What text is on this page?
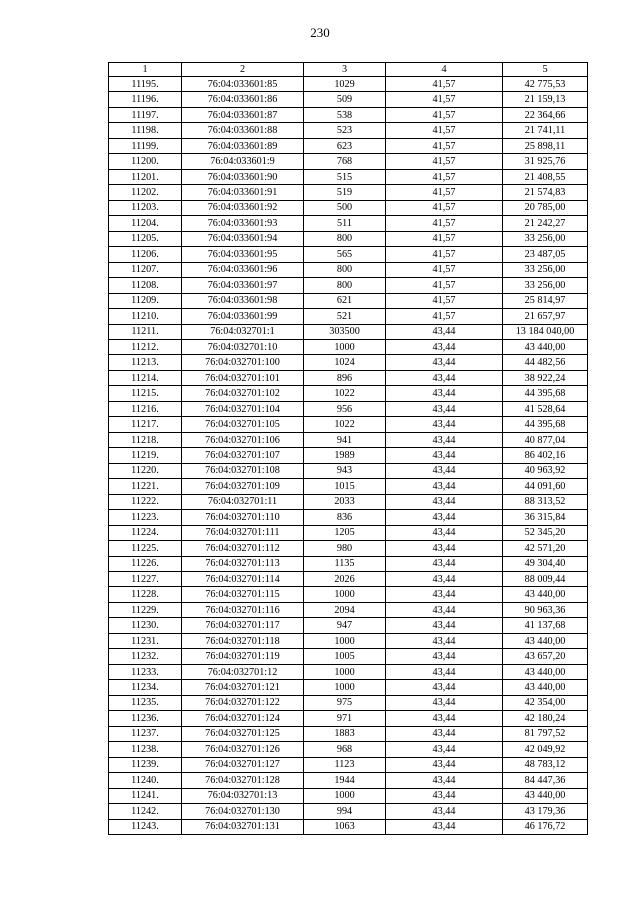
230
1	2	3	4	5
11195.	76:04:033601:85	1029	41,57	42 775,53
11196.	76:04:033601:86	509	41,57	21 159,13
11197.	76:04:033601:87	538	41,57	22 364,66
11198.	76:04:033601:88	523	41,57	21 741,11
11199.	76:04:033601:89	623	41,57	25 898,11
11200.	76:04:033601:9	768	41,57	31 925,76
11201.	76:04:033601:90	515	41,57	21 408,55
11202.	76:04:033601:91	519	41,57	21 574,83
11203.	76:04:033601:92	500	41,57	20 785,00
11204.	76:04:033601:93	511	41,57	21 242,27
11205.	76:04:033601:94	800	41,57	33 256,00
11206.	76:04:033601:95	565	41,57	23 487,05
11207.	76:04:033601:96	800	41,57	33 256,00
11208.	76:04:033601:97	800	41,57	33 256,00
11209.	76:04:033601:98	621	41,57	25 814,97
11210.	76:04:033601:99	521	41,57	21 657,97
11211.	76:04:032701:1	303500	43,44	13 184 040,00
11212.	76:04:032701:10	1000	43,44	43 440,00
11213.	76:04:032701:100	1024	43,44	44 482,56
11214.	76:04:032701:101	896	43,44	38 922,24
11215.	76:04:032701:102	1022	43,44	44 395,68
11216.	76:04:032701:104	956	43,44	41 528,64
11217.	76:04:032701:105	1022	43,44	44 395,68
11218.	76:04:032701:106	941	43,44	40 877,04
11219.	76:04:032701:107	1989	43,44	86 402,16
11220.	76:04:032701:108	943	43,44	40 963,92
11221.	76:04:032701:109	1015	43,44	44 091,60
11222.	76:04:032701:11	2033	43,44	88 313,52
11223.	76:04:032701:110	836	43,44	36 315,84
11224.	76:04:032701:111	1205	43,44	52 345,20
11225.	76:04:032701:112	980	43,44	42 571,20
11226.	76:04:032701:113	1135	43,44	49 304,40
11227.	76:04:032701:114	2026	43,44	88 009,44
11228.	76:04:032701:115	1000	43,44	43 440,00
11229.	76:04:032701:116	2094	43,44	90 963,36
11230.	76:04:032701:117	947	43,44	41 137,68
11231.	76:04:032701:118	1000	43,44	43 440,00
11232.	76:04:032701:119	1005	43,44	43 657,20
11233.	76:04:032701:12	1000	43,44	43 440,00
11234.	76:04:032701:121	1000	43,44	43 440,00
11235.	76:04:032701:122	975	43,44	42 354,00
11236.	76:04:032701:124	971	43,44	42 180,24
11237.	76:04:032701:125	1883	43,44	81 797,52
11238.	76:04:032701:126	968	43,44	42 049,92
11239.	76:04:032701:127	1123	43,44	48 783,12
11240.	76:04:032701:128	1944	43,44	84 447,36
11241.	76:04:032701:13	1000	43,44	43 440,00
11242.	76:04:032701:130	994	43,44	43 179,36
11243.	76:04:032701:131	1063	43,44	46 176,72
